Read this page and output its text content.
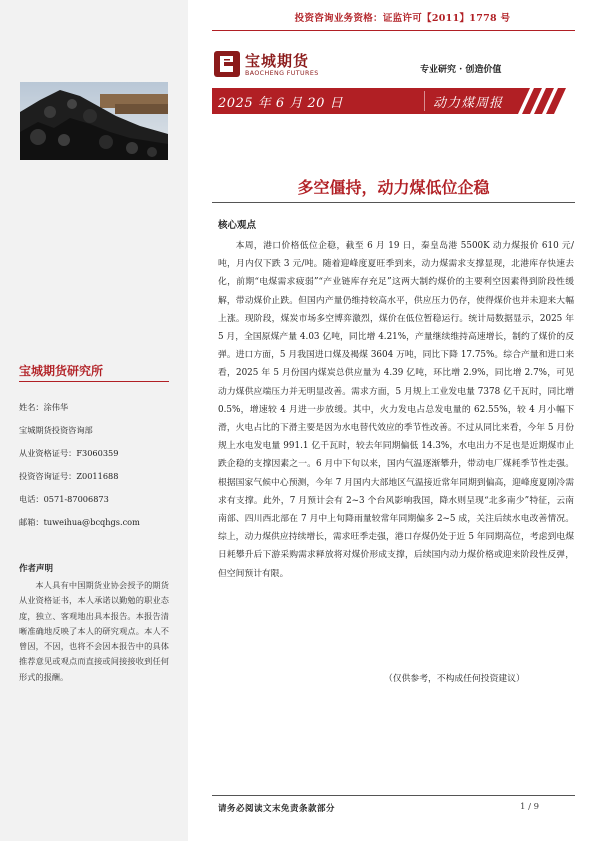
宝城期货研究所
姓名：涂伟华
宝城期货投资咨询部
从业资格证号：F3060359
投资咨询证号：Z0011688
电话：0571-87006873
邮箱：tuweihua@bcqhgs.com
作者声明
本人具有中国期货业协会授予的期货从业资格证书，本人承诺以勤勉的职业态度，独立、客观地出具本报告。本报告清晰准确地反映了本人的研究观点。本人不曾因，不因，也将不会因本报告中的具体推荐意见或观点而直接或间接接收到任何形式的报酬。
投资咨询业务资格：证监许可【2011】1778 号
宝城期货
BAOCHENG FUTURES	专业研究 · 创造价值
2025 年 6 月 20 日	动力煤周报
多空僵持，动力煤低位企稳
核心观点
本周，港口价格低位企稳，截至 6 月 19 日，秦皇岛港 5500K 动力煤报价 610 元/吨，月内仅下跌 3 元/吨。随着迎峰度夏旺季到来，动力煤需求支撑显现，北港库存快速去化，前期“电煤需求疲弱”“产业链库存充足”这两大制约煤价的主要利空因素得到阶段性缓解，带动煤价止跌。但国内产量仍维持较高水平，供应压力仍存，使得煤价也并未迎来大幅上涨。现阶段，煤炭市场多空博弈激烈，煤价在低位暂稳运行。统计局数据显示，2025 年 5 月，全国原煤产量 4.03 亿吨，同比增 4.21%，产量继续维持高速增长，制约了煤价的反弹。进口方面，5 月我国进口煤及褐煤 3604 万吨，同比下降 17.75%。综合产量和进口来看，2025 年 5 月份国内煤炭总供应量为 4.39 亿吨，环比增 2.9%，同比增 2.7%，可见动力煤供应端压力并无明显改善。需求方面，5 月规上工业发电量 7378 亿千瓦时，同比增 0.5%，增速较 4 月进一步放缓。其中，火力发电占总发电量的 62.55%，较 4 月小幅下滑，火电占比的下滑主要是因为水电替代效应的季节性改善。不过从同比来看，今年 5 月份规上水电发电量 991.1 亿千瓦时，较去年同期偏低 14.3%，水电出力不足也是近期煤市止跌企稳的支撑因素之一。6 月中下旬以来，国内气温逐渐攀升，带动电厂煤耗季节性走强。根据国家气候中心预测，今年 7 月国内大部地区气温接近常年同期到偏高，迎峰度夏刚冷需求有支撑。此外，7 月预计会有 2~3 个台风影响我国，降水则呈现“北多南少”特征，云南南部、四川西北部在 7 月中上旬降雨量较常年同期偏多 2~5 成，关注后续水电改善情况。综上，动力煤供应持续增长，需求旺季走强，港口存煤仍处于近 5 年同期高位，考虑到电煤日耗攀升后下游采购需求释放将对煤价形成支撑，后续国内动力煤价格或迎来阶段性反弹，但空间预计有限。
（仅供参考，不构成任何投资建议）
请务必阅读文末免责条款部分	1 / 9
